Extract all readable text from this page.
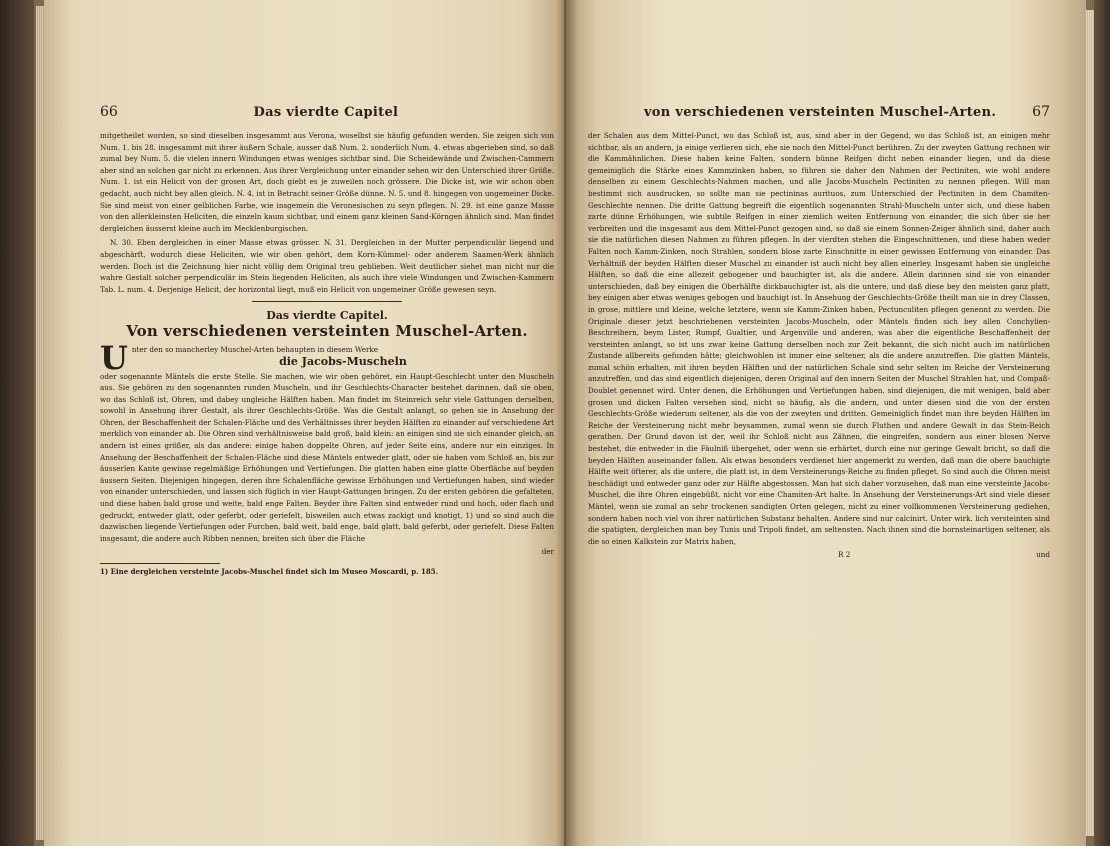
66	Das vierdte Capitel

mitgetheilet worden, so sind dieselben insgesammt aus Verona, woselbst sie häufig gefunden werden. Sie zeigen sich von Num. 1. bis 28. insgesammt mit ihrer äußern Schale, ausser daß Num. 2. sonderlich Num. 4. etwas abgerieben sind, so daß zumal bey Num. 5. die vielen innern Windungen etwas weniges sichtbar sind. Die Scheidewände und Zwischen-Cammern aber sind an solchen gar nicht zu erkennen. Aus ihrer Vergleichung unter einander sehen wir den Unterschied ihrer Größe. Num. 1. ist ein Helicit von der grosen Art, doch giebt es je zuweilen noch grössere. Die Dicke ist, wie wir schon oben gedacht, auch nicht bey allen gleich. N. 4. ist in Betracht seiner Größe dünne. N. 5. und 8. hingegen von ungemeiner Dicke. Sie sind meist von einer gelblichen Farbe, wie insgemein die Veronesischen zu seyn pflegen. N. 29. ist eine ganze Masse von den allerkleinsten Heliciten, die einzeln kaum sichtbar, und einem ganz kleinen Sand-Körngen ähnlich sind. Man findet dergleichen äusserst kleine auch im Mecklenburgischen.

N. 30. Eben dergleichen in einer Masse etwas grösser. N. 31. Dergleichen in der Mutter perpendiculär liegend und abgeschärft, wodurch diese Heliciten, wie wir oben gehört, dem Korn-Kümmel- oder anderem Saamen-Werk ähnlich werden. Doch ist die Zeichnung hier nicht völlig dem Original treu geblieben. Weit deutlicher siehet man nicht nur die wahre Gestalt solcher perpendiculär im Stein liegenden Heliciten, als auch ihre viele Windungen und Zwischen-Kammern Tab. L. num. 4. Derjenige Helicit, der horizontal liegt, muß ein Helicit von ungemeiner Größe gewesen seyn.

Das vierdte Capitel.
Von verschiedenen versteinten Muschel-Arten.
U nter den so mancherley Muschel-Arten behaupten in diesem Werke
die Jacobs-Muscheln

oder sogenannte Mäntels die erste Stelle. Sie machen, wie wir oben gehöret, ein Haupt-Geschlecht unter den Muscheln aus. Sie gehören zu den sogenannten runden Muscheln, und ihr Geschlechts-Character bestehet darinnen, daß sie oben, wo das Schloß ist, Ohren, und dabey ungleiche Hälften haben. Man findet im Steinreich sehr viele Gattungen derselben, sowohl in Ansehung ihrer Gestalt, als ihrer Geschlechts-Größe. Was die Gestalt anlangt, so gehen sie in Ansehung der Ohren, der Beschaffenheit der Schalen-Fläche und des Verhältnisses ihrer beyden Hälften zu einander auf verschiedene Art merklich von einander ab. Die Ohren sind verhältnisweise bald groß, bald klein: an einigen sind sie sich einander gleich, an andern ist eines größer, als das andere: einige haben doppelte Ohren, auf jeder Seite eins, andere nur ein einziges. In Ansehung der Beschaffenheit der Schalen-Fläche sind diese Mäntels entweder glatt, oder sie haben vom Schloß an, bis zur äusserlen Kante gewisse regelmäßige Erhöhungen und Vertiefungen. Die glatten haben eine glatte Oberfläche auf beyden äussern Seiten. Diejenigen hingegen, deren ihre Schalenfläche gewisse Erhöhungen und Vertiefungen haben, sind wieder von einander unterschieden, und lassen sich füglich in vier Haupt-Gattungen bringen. Zu der ersten gehören die gefalteten, und diese haben bald grose und weite, bald enge Falten. Beyder ihre Falten sind entweder rund und hoch, oder flach und gedruckt, entweder glatt, oder geferbt, oder geriefelt, bisweilen auch etwas zackigt und knotigt, 1) und so sind auch die dazwischen liegende Vertiefungen oder Furchen, bald weit, bald enge, bald glatt, bald geferbt, oder geriefelt. Diese Falten insgesamt, die andere auch Ribben nennen, breiten sich über die Fläche

der
1) Eine dergleichen versteinte Jacobs-Muschel findet sich im Museo Moscardi, p. 185.
von verschiedenen versteinten Muschel-Arten.	67

der Schalen aus dem Mittel-Punct, wo das Schloß ist, aus, sind aber in der Gegend, wo das Schloß ist, an einigen mehr sichtbar, als an andern, ja einige verlieren sich, ehe sie noch den Mittel-Punct berühren. Zu der zweyten Gattung rechnen wir die Kammähnlichen. Diese haben keine Falten, sondern bünne Reifgen dicht neben einander liegen, und da diese gemeiniglich die Stärke eines Kammzinken haben, so führen sie daher den Nahmen der Pectiniten, wie wohl andere denselben zu einem Geschlechts-Nahmen machen, und alle Jacobs-Muscheln Pectiniten zu nennen pflegen. Will man bestimmt sich ausdrucken, so sollte man sie pectininas aurituos, zum Unterschied der Pectiniten in dem Chamiten-Geschlechte nennen. Die dritte Gattung begreift die eigentlich sogenannten Strahl-Muscheln unter sich, und diese haben zarte dünne Erhöhungen, wie subtile Reifgen in einer ziemlich weiten Entfernung von einander, die sich über sie her verbreiten und die insgesamt aus dem Mittel-Punct gezogen sind, so daß sie einem Sonnen-Zeiger ähnlich sind, daher auch sie die natürlichen diesen Nahmen zu führen pflegen. In der vierdten stehen die Eingeschnittenen, und diese haben weder Falten noch Kamm-Zinken, noch Strahlen, sondern blose zarte Einschnitte in einer gewissen Entfernung von einander. Das Verhältniß der beyden Hälften dieser Muschel zu einander ist auch nicht bey allen einerley. Insgesamt haben sie ungleiche Hälften, so daß die eine allezeit gebogener und bauchigter ist, als die andere. Allein darinnen sind sie von einander unterschieden, daß bey einigen die Oberhälfte dickbauchigter ist, als die untere, und daß diese bey den meisten ganz platt, bey einigen aber etwas weniges gebogen und bauchigt ist. In Ansehung der Geschlechts-Größe theilt man sie in drey Classen, in grose, mittlere und kleine, welche letztere, wenn sie Kamm-Zinken haben, Pectunculiten pflegen genennt zu werden. Die Originale dieser jetzt beschriebenen versteinten Jacobs-Muscheln, oder Mäntels finden sich bey allen Conchylien-Beschreibern, beym Lister, Rumpf, Gualtier, und Argenville und anderen, was aber die eigentliche Beschaffenheit der versteinten anlangt, so ist uns zwar keine Gattung derselben noch zur Zeit bekannt, die sich nicht auch im natürlichen Zustande allbereits gefunden hätte; gleichwohlen ist immer eine seltener, als die andere anzutreffen. Die glatten Mäntels, zumal schön erhalten, mit ihren beyden Hälften und der natürlichen Schale sind sehr selten im Reiche der Versteinerung anzutreffen, und das sind eigentlich diejenigen, deren Original auf den innern Seiten der Muschel Strahlen hat, und Compaß-Doublet genennet wird. Unter denen, die Erhöhungen und Vertiefungen haben, sind diejenigen, die mit wenigen, bald aber grosen und dicken Falten versehen sind, nicht so häufig, als die andern, und unter diesen sind die von der ersten Geschlechts-Größe wiederum seltener, als die von der zweyten und dritten. Gemeiniglich findet man ihre beyden Hälften im Reiche der Versteinerung nicht mehr beysammen, zumal wenn sie durch Fluthen und andere Gewalt in das Stein-Reich gerathen. Der Grund davon ist der, weil ihr Schloß nicht aus Zähnen, die eingreifen, sondern aus einer blosen Nerve bestehet, die entweder in die Fäulniß übergehet, oder wenn sie erhärtet, durch eine nur geringe Gewalt bricht, so daß die beyden Hälften auseinander fallen. Als etwas besonders verdienet hier angemerkt zu werden, daß man die obere bauchigte Hälfte weit öfterer, als die untere, die platt ist, in dem Versteinerungs-Reiche zu finden pfleget. So sind auch die Ohren meist beschädigt und entweder ganz oder zur Hälfte abgestossen. Man hat sich daher vorzusehen, daß man eine versteinte Jacobs-Muschel, die ihre Ohren eingebüßt, nicht vor eine Chamiten-Art halte. In Ansehung der Versteinerungs-Art sind viele dieser Mäntel, wenn sie zumal an sehr trockenen sandigten Orten gelegen, nicht zu einer vollkommenen Versteinerung gediehen, sondern haben noch viel von ihrer natürlichen Substanz behalten. Andere sind nur calcinirt. Unter wirk. lich versteinten sind die spatigten, dergleichen man bey Tunis und Tripoli findet, am seltensten. Nach ihnen sind die hornsteinartigen seltener, als die so einen Kalkstein zur Matrix haben,

R 2	und
